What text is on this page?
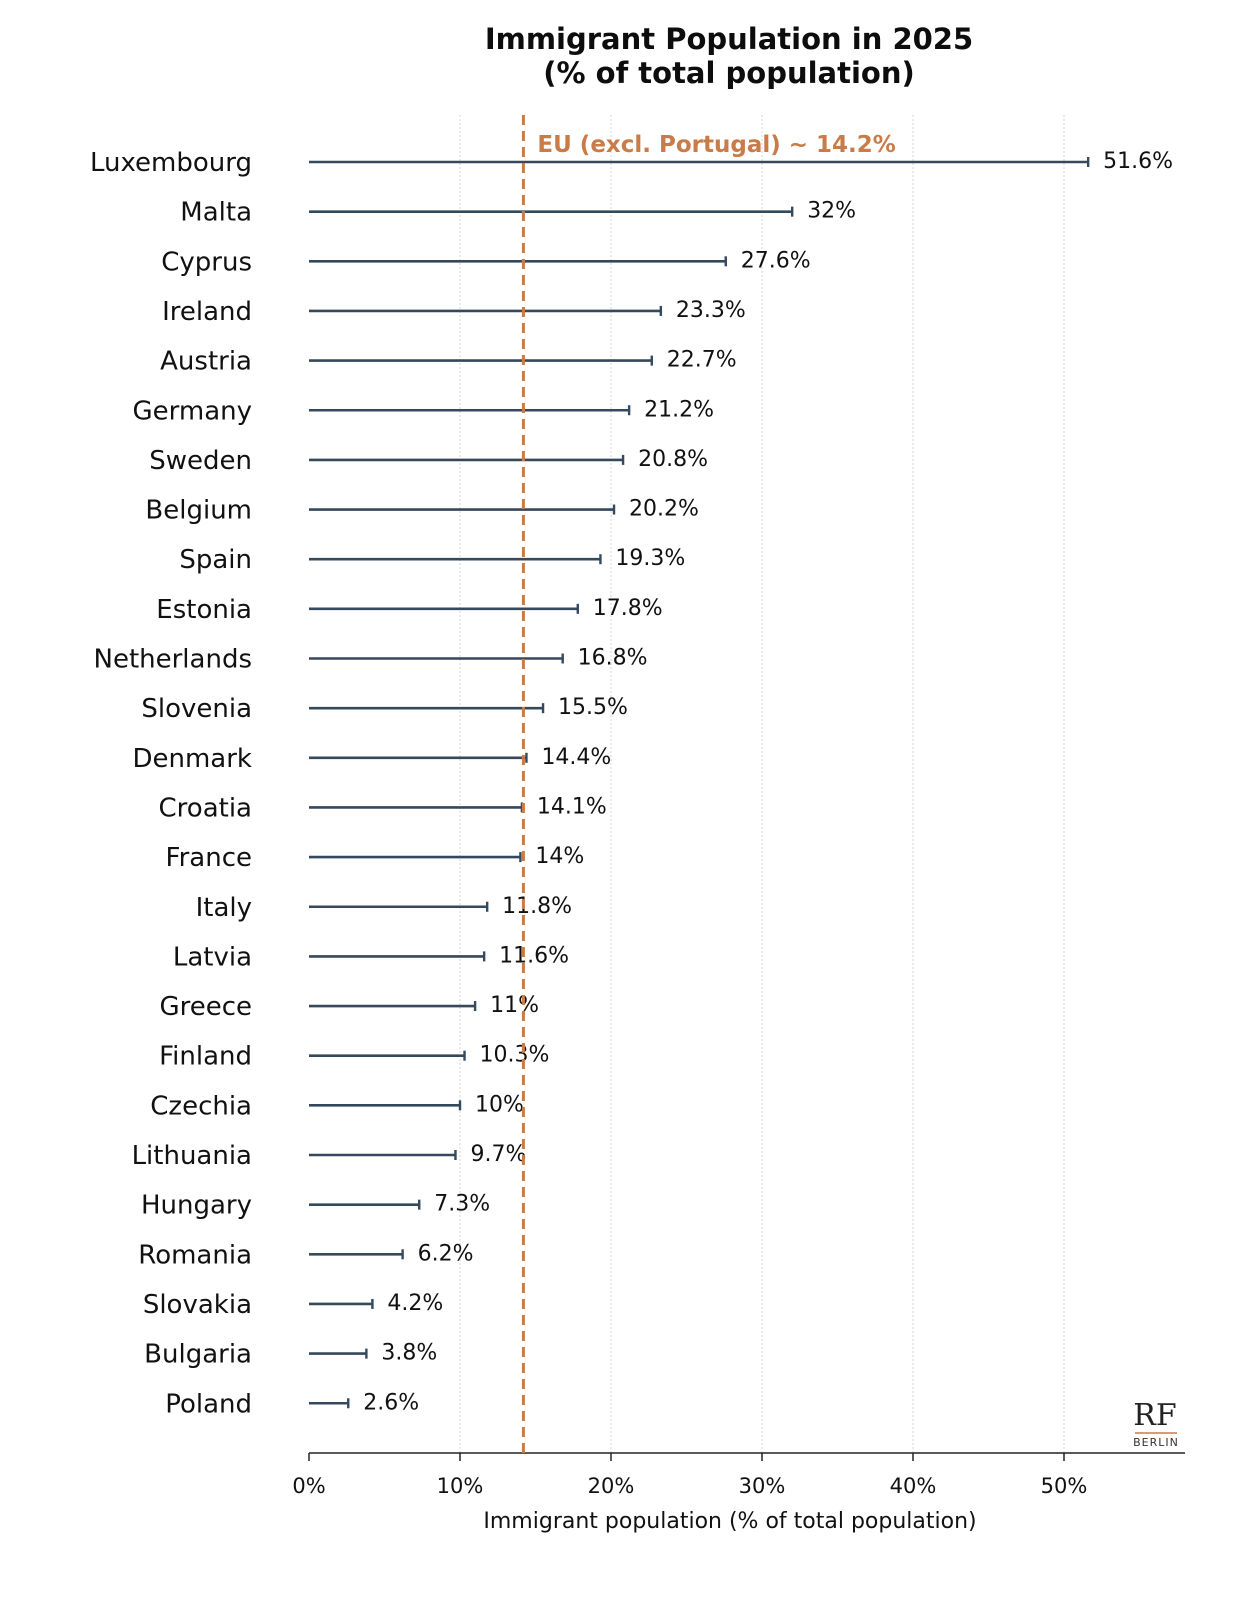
Immigrant Population in 2025
(% of total population)
Luxembourg
Malta
Cyprus
Ireland
Austria
Germany
Sweden
Belgium
Spain
Estonia
Netherlands
Slovenia
Denmark
Croatia
France
Italy
Latvia
Greece
Finland
Czechia
Lithuania
Hungary
Romania
Slovakia
Bulgaria
Poland
51.6%
32%
27.6%
23.3%
22.7%
21.2%
20.8%
20.2%
19.3%
17.8%
16.8%
15.5%
14.4%
14.1%
14%
11.8%
11.6%
11%
10.3%
10%
9.7%
7.3%
6.2%
4.2%
3.8%
2.6%
0%	10%	20%	30%	40%	50%
EU (excl. Portugal) ~ 14.2%
Immigrant population (% of total population)
RF
BERLIN
